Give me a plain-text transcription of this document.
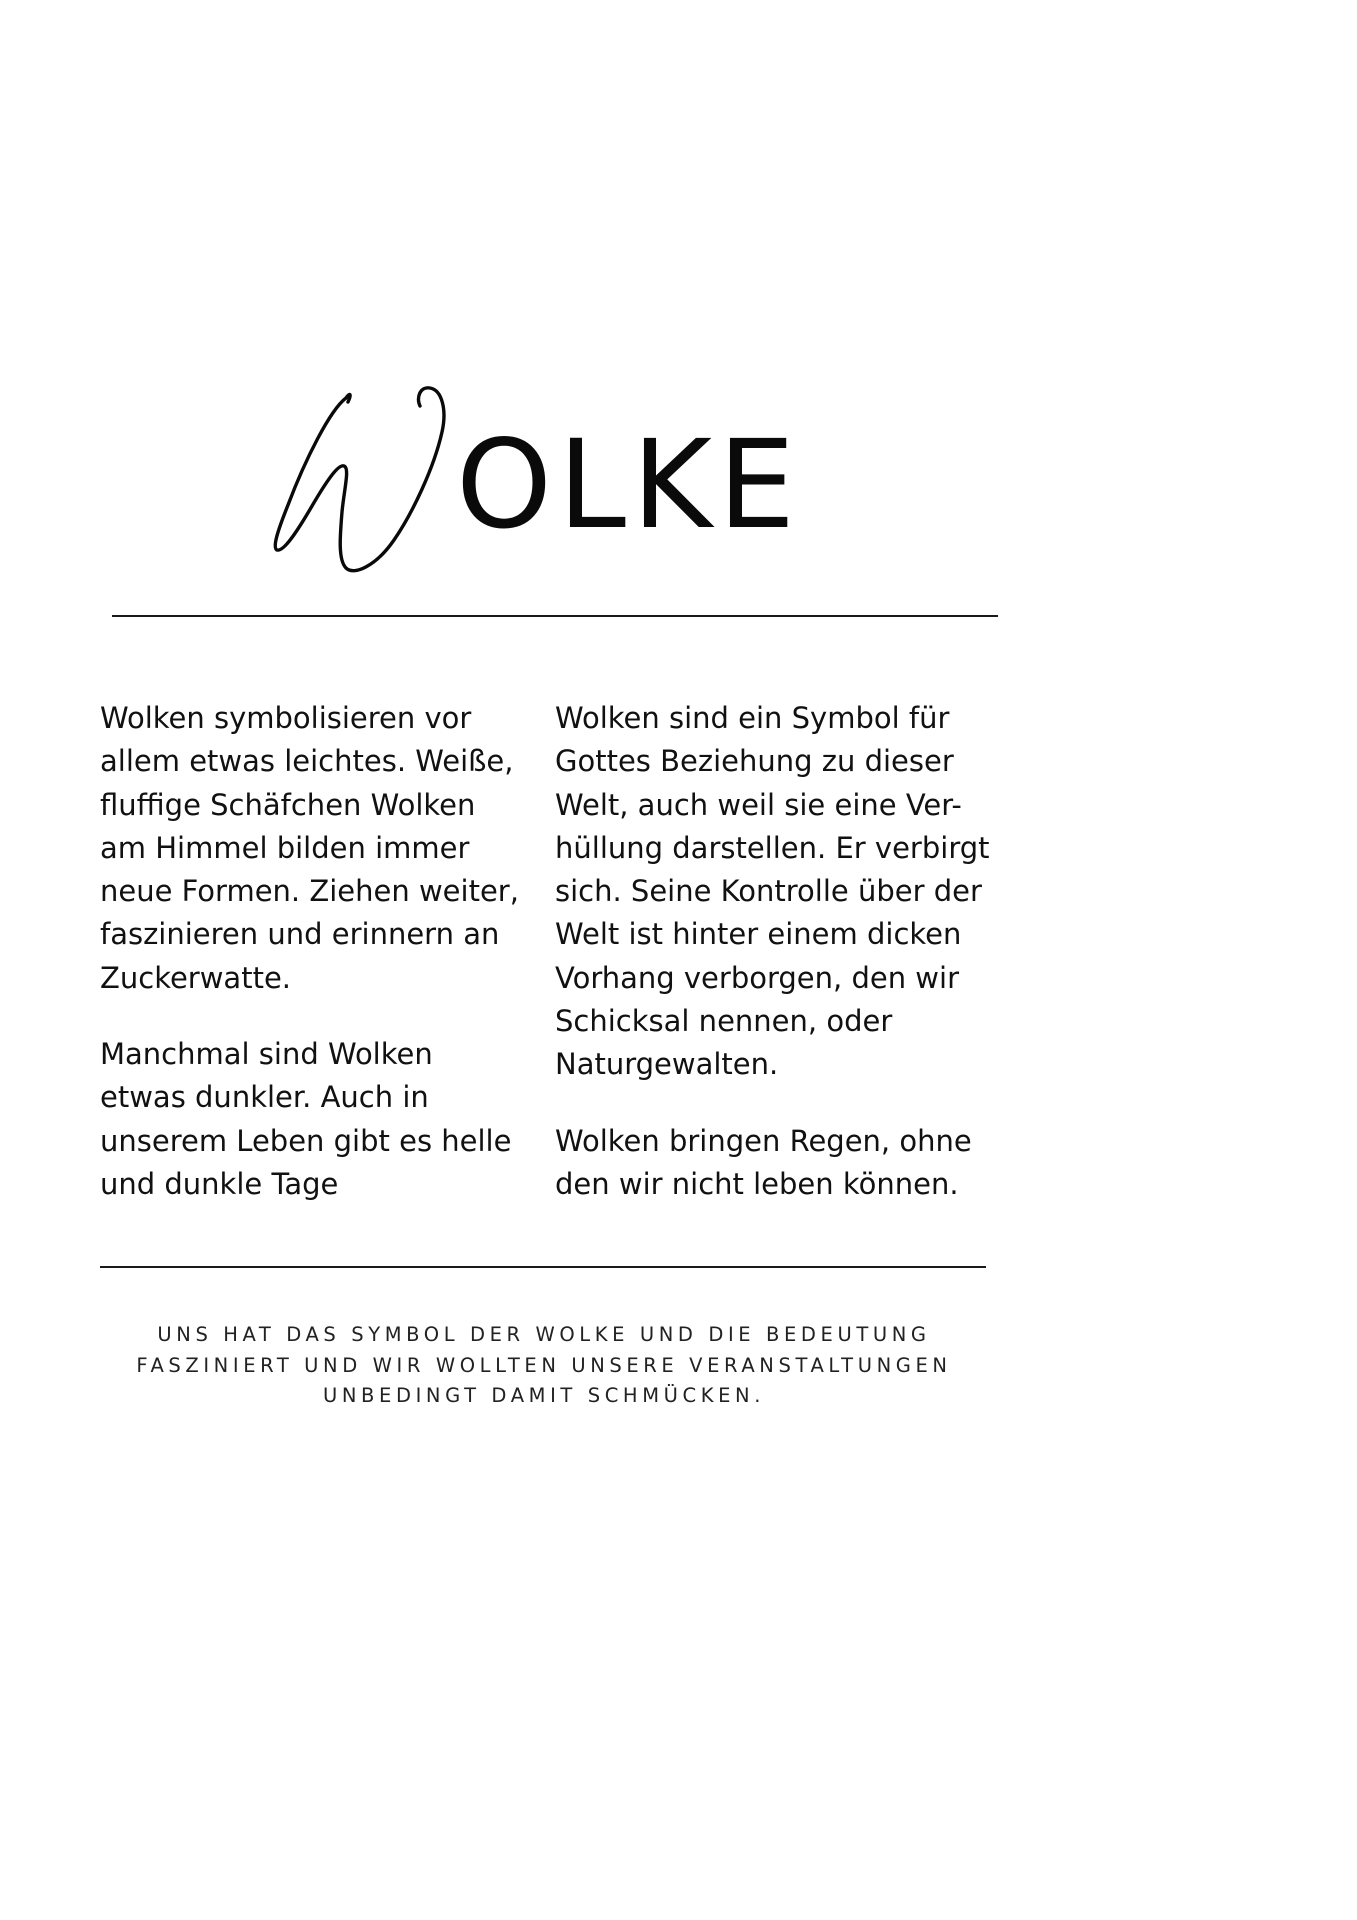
OLKE

Wolken symbolisieren vor
allem etwas leichtes. Weiße,
fluffige Schäfchen Wolken
am Himmel bilden immer
neue Formen. Ziehen weiter,
faszinieren und erinnern an
Zuckerwatte.

Manchmal sind Wolken
etwas dunkler. Auch in
unserem Leben gibt es helle
und dunkle Tage

Wolken sind ein Symbol für
Gottes Beziehung zu dieser
Welt, auch weil sie eine Ver-
hüllung darstellen. Er verbirgt
sich. Seine Kontrolle über der
Welt ist hinter einem dicken
Vorhang verborgen, den wir
Schicksal nennen, oder
Naturgewalten.

Wolken bringen Regen, ohne
den wir nicht leben können.

UNS HAT DAS SYMBOL DER WOLKE UND DIE BEDEUTUNG
FASZINIERT UND WIR WOLLTEN UNSERE VERANSTALTUNGEN
UNBEDINGT DAMIT SCHMÜCKEN.
